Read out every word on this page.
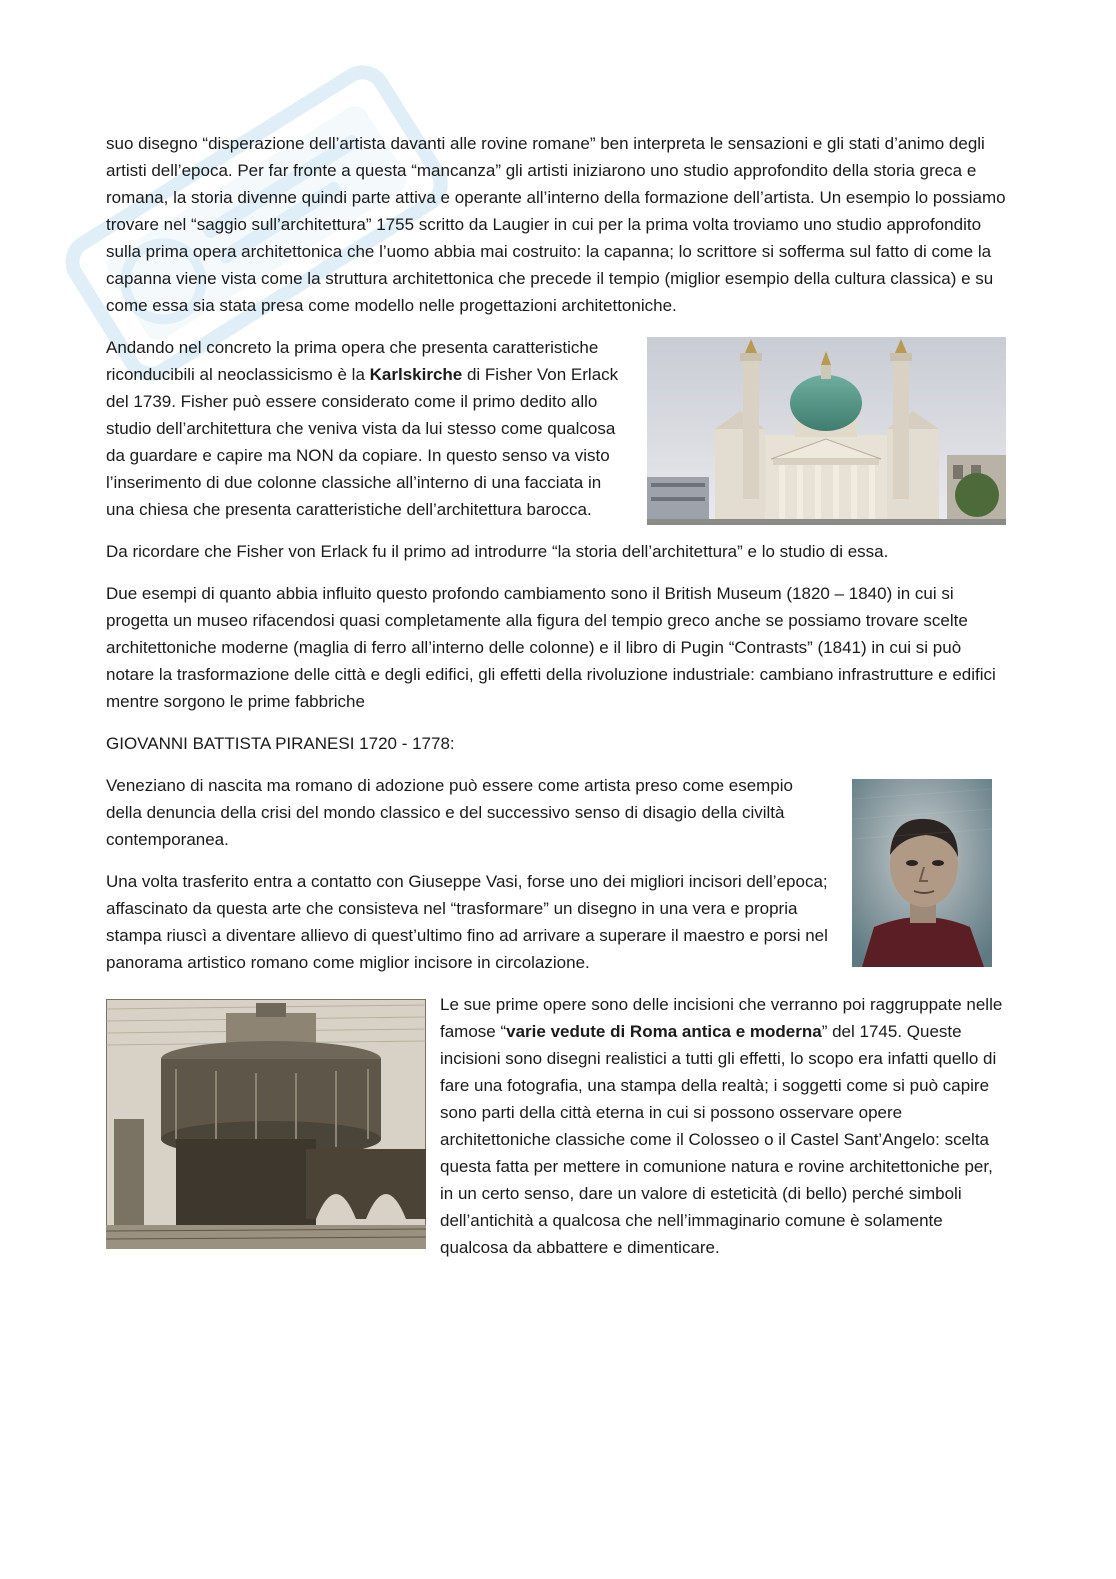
suo disegno “disperazione dell’artista davanti alle rovine romane” ben interpreta le sensazioni e gli stati d’animo degli artisti dell’epoca. Per far fronte a questa “mancanza” gli artisti iniziarono uno studio approfondito della storia greca e romana, la storia divenne quindi parte attiva e operante all’interno della formazione dell’artista. Un esempio lo possiamo trovare nel “saggio sull’architettura” 1755 scritto da Laugier in cui per la prima volta troviamo uno studio approfondito sulla prima opera architettonica che l’uomo abbia mai costruito: la capanna; lo scrittore si sofferma sul fatto di come la capanna viene vista come la struttura architettonica che precede il tempio (miglior esempio della cultura classica) e su come essa sia stata presa come modello nelle progettazioni architettoniche.

Andando nel concreto la prima opera che presenta caratteristiche riconducibili al neoclassicismo è la Karlskirche di Fisher Von Erlack del 1739. Fisher può essere considerato come il primo dedito allo studio dell’architettura che veniva vista da lui stesso come qualcosa da guardare e capire ma NON da copiare. In questo senso va visto l’inserimento di due colonne classiche all’interno di una facciata in una chiesa che presenta caratteristiche dell’architettura barocca.

Da ricordare che Fisher von Erlack fu il primo ad introdurre “la storia dell’architettura” e lo studio di essa.

Due esempi di quanto abbia influito questo profondo cambiamento sono il British Museum (1820 – 1840) in cui si progetta un museo rifacendosi quasi completamente alla figura del tempio greco anche se possiamo trovare scelte architettoniche moderne (maglia di ferro all’interno delle colonne) e il libro di Pugin “Contrasts” (1841) in cui si può notare la trasformazione delle città e degli edifici, gli effetti della rivoluzione industriale: cambiano infrastrutture e edifici mentre sorgono le prime fabbriche

GIOVANNI BATTISTA PIRANESI 1720 - 1778:

Veneziano di nascita ma romano di adozione può essere come artista preso come esempio della denuncia della crisi del mondo classico e del successivo senso di disagio della civiltà contemporanea.

Una volta trasferito entra a contatto con Giuseppe Vasi, forse uno dei migliori incisori dell’epoca; affascinato da questa arte che consisteva nel “trasformare” un disegno in una vera e propria stampa riuscì a diventare allievo di quest’ultimo fino ad arrivare a superare il maestro e porsi nel panorama artistico romano come miglior incisore in circolazione.

Le sue prime opere sono delle incisioni che verranno poi raggruppate nelle famose “varie vedute di Roma antica e moderna” del 1745. Queste incisioni sono disegni realistici a tutti gli effetti, lo scopo era infatti quello di fare una fotografia, una stampa della realtà; i soggetti come si può capire sono parti della città eterna in cui si possono osservare opere architettoniche classiche come il Colosseo o il Castel Sant’Angelo: scelta questa fatta per mettere in comunione natura e rovine architettoniche per, in un certo senso, dare un valore di esteticità (di bello) perché simboli dell’antichità a qualcosa che nell’immaginario comune è solamente qualcosa da abbattere e dimenticare.
